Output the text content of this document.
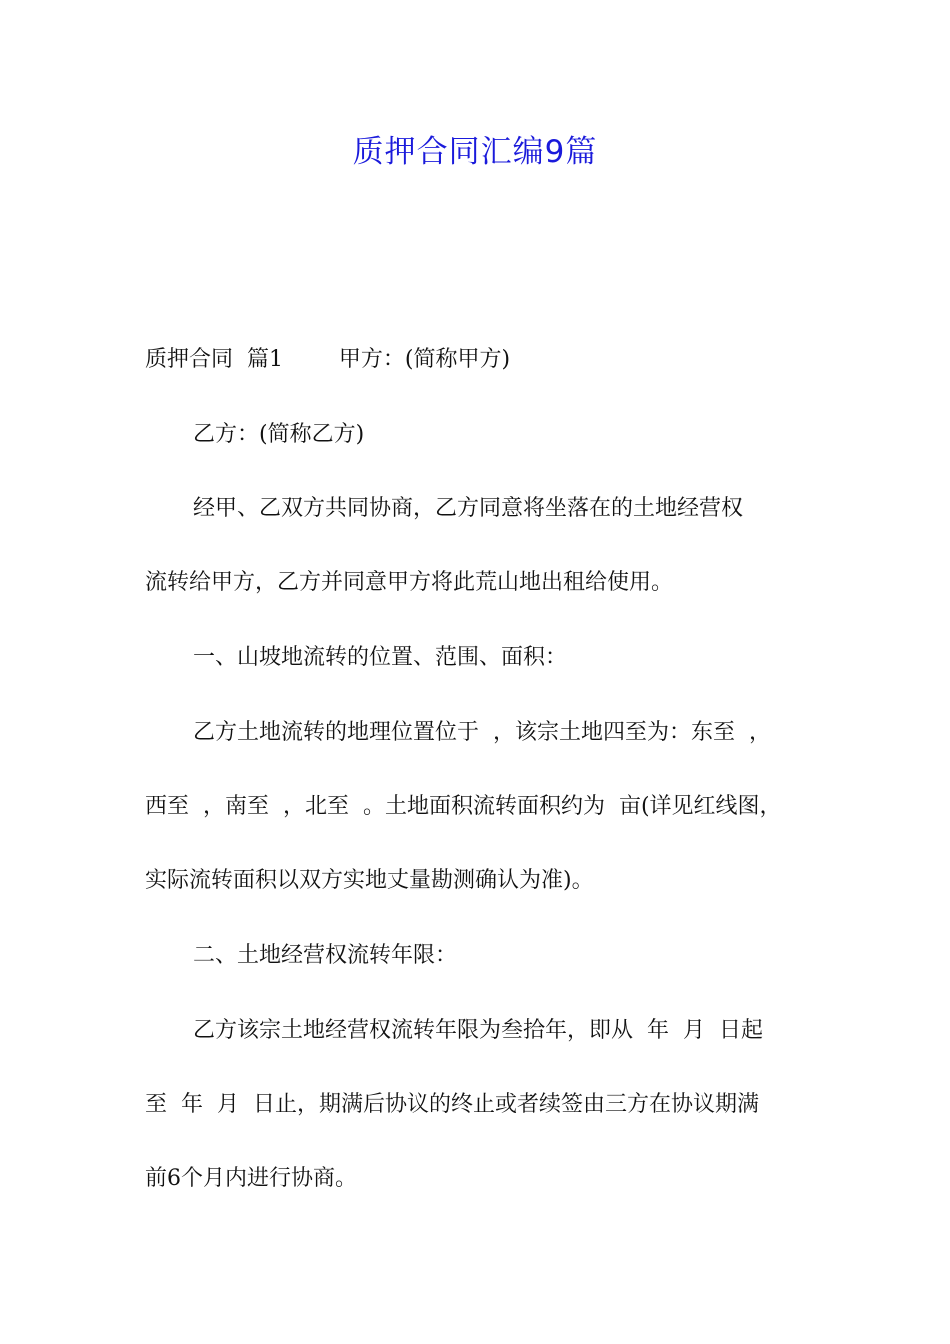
质押合同汇编9篇

质押合同  篇1        甲方：(简称甲方)

乙方：(简称乙方)

经甲、乙双方共同协商，乙方同意将坐落在的土地经营权

流转给甲方，乙方并同意甲方将此荒山地出租给使用。

一、山坡地流转的位置、范围、面积：

乙方土地流转的地理位置位于  ，该宗土地四至为：东至  ，

西至  ，南至  ，北至  。土地面积流转面积约为  亩(详见红线图，

实际流转面积以双方实地丈量勘测确认为准)。

二、土地经营权流转年限：

乙方该宗土地经营权流转年限为叁拾年，即从  年  月  日起

至  年  月  日止，期满后协议的终止或者续签由三方在协议期满

前6个月内进行协商。
